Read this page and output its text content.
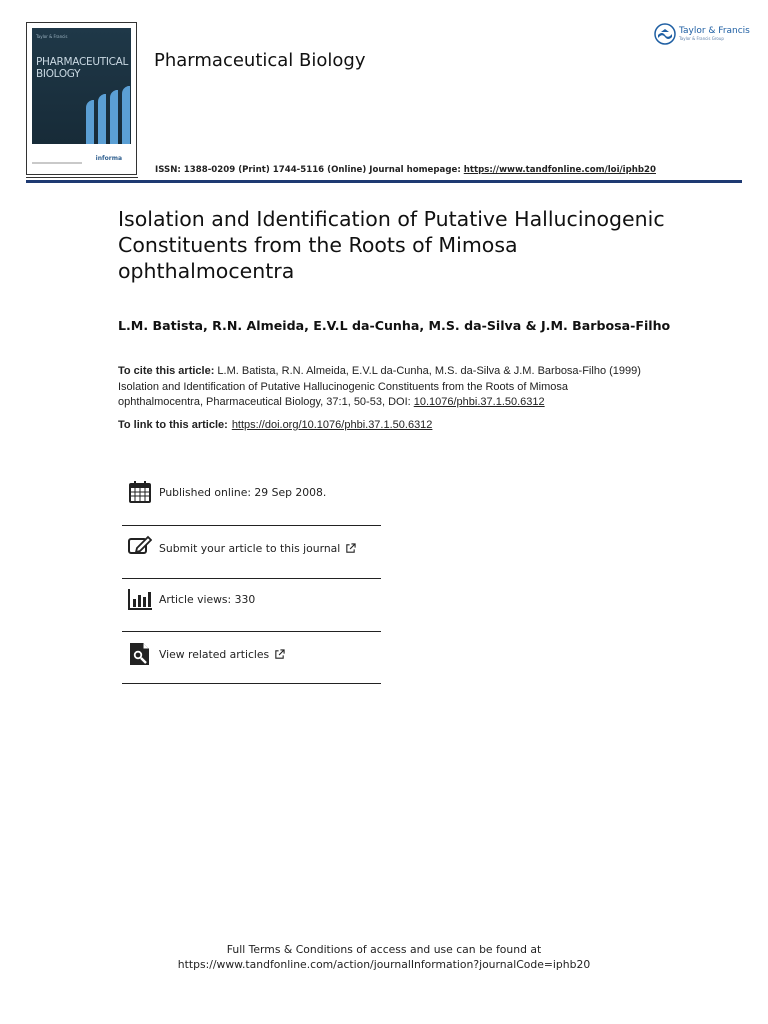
Taylor & Francis
PHARMACEUTICAL
BIOLOGY
informa
Pharmaceutical Biology
Taylor & Francis
Taylor & Francis Group
ISSN: 1388-0209 (Print) 1744-5116 (Online) Journal homepage: https://www.tandfonline.com/loi/iphb20
Isolation and Identification of Putative Hallucinogenic Constituents from the Roots of Mimosa ophthalmocentra
L.M. Batista, R.N. Almeida, E.V.L da-Cunha, M.S. da-Silva & J.M. Barbosa-Filho
To cite this article: L.M. Batista, R.N. Almeida, E.V.L da-Cunha, M.S. da-Silva & J.M. Barbosa-Filho (1999) Isolation and Identification of Putative Hallucinogenic Constituents from the Roots of Mimosa ophthalmocentra, Pharmaceutical Biology, 37:1, 50-53, DOI: 10.1076/phbi.37.1.50.6312
To link to this article: https://doi.org/10.1076/phbi.37.1.50.6312
Published online: 29 Sep 2008.
Submit your article to this journal
Article views: 330
View related articles
Full Terms & Conditions of access and use can be found at
https://www.tandfonline.com/action/journalInformation?journalCode=iphb20
